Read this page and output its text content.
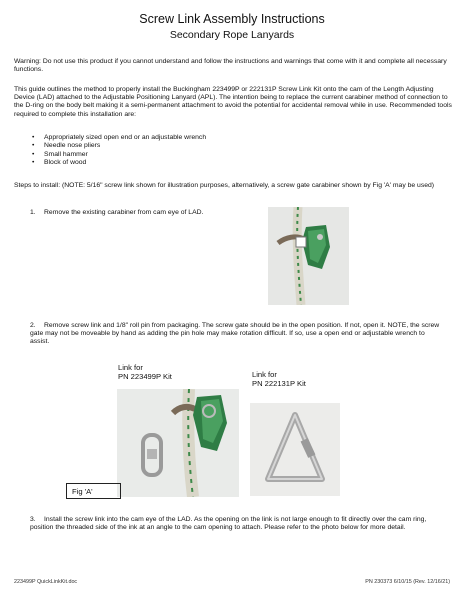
Screw Link Assembly Instructions
Secondary Rope Lanyards
Warning: Do not use this product if you cannot understand and follow the instructions and warnings that come with it and complete all necessary functions.
This guide outlines the method to properly install the Buckingham 223499P or 222131P Screw Link Kit onto the cam of the Length Adjusting Device (LAD) attached to the Adjustable Positioning Lanyard (APL). The intention being to replace the current carabiner method of connection to the D-ring on the body belt making it a semi-permanent attachment to avoid the potential for accidental removal while in use. Recommended tools required to complete this installation are:
• Appropriately sized open end or an adjustable wrench
• Needle nose pliers
• Small hammer
• Block of wood
Steps to install: (NOTE: 5/16" screw link shown for illustration purposes, alternatively, a screw gate carabiner shown by Fig 'A' may be used)
1. Remove the existing carabiner from cam eye of LAD.
2. Remove screw link and 1/8" roll pin from packaging. The screw gate should be in the open position. If not, open it. NOTE, the screw gate may not be moveable by hand as adding the pin hole may make rotation difficult. If so, use a open end or adjustable wrench to assist.
Link for
PN 223499P Kit	Link for
PN 222131P Kit
Fig 'A'
3. Install the screw link into the cam eye of the LAD. As the opening on the link is not large enough to fit directly over the cam ring, position the threaded side of the ink at an angle to the cam opening to attach. Please refer to the photo below for more detail.
223499P QuickLinkKit.doc	PN 230373 6/10/15 (Rev. 12/16/21)
